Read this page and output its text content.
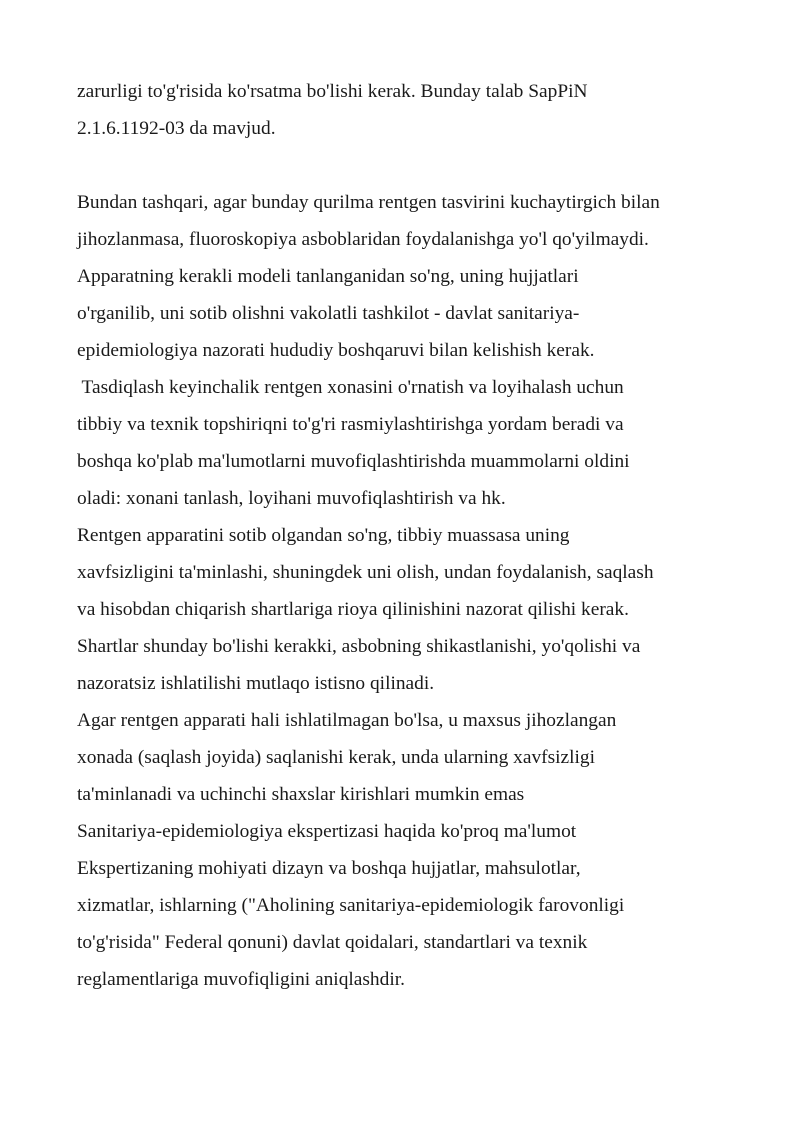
zarurligi to'g'risida ko'rsatma bo'lishi kerak. Bunday talab SapPiN
2.1.6.1192-03 da mavjud.
Bundan tashqari, agar bunday qurilma rentgen tasvirini kuchaytirgich bilan
jihozlanmasa, fluoroskopiya asboblaridan foydalanishga yo'l qo'yilmaydi.
Apparatning kerakli modeli tanlanganidan so'ng, uning hujjatlari
o'rganilib, uni sotib olishni vakolatli tashkilot - davlat sanitariya-
epidemiologiya nazorati hududiy boshqaruvi bilan kelishish kerak.
Tasdiqlash keyinchalik rentgen xonasini o'rnatish va loyihalash uchun
tibbiy va texnik topshiriqni to'g'ri rasmiylashtirishga yordam beradi va
boshqa ko'plab ma'lumotlarni muvofiqlashtirishda muammolarni oldini
oladi: xonani tanlash, loyihani muvofiqlashtirish va hk.
Rentgen apparatini sotib olgandan so'ng, tibbiy muassasa uning
xavfsizligini ta'minlashi, shuningdek uni olish, undan foydalanish, saqlash
va hisobdan chiqarish shartlariga rioya qilinishini nazorat qilishi kerak.
Shartlar shunday bo'lishi kerakki, asbobning shikastlanishi, yo'qolishi va
nazoratsiz ishlatilishi mutlaqo istisno qilinadi.
Agar rentgen apparati hali ishlatilmagan bo'lsa, u maxsus jihozlangan
xonada (saqlash joyida) saqlanishi kerak, unda ularning xavfsizligi
ta'minlanadi va uchinchi shaxslar kirishlari mumkin emas
Sanitariya-epidemiologiya ekspertizasi haqida ko'proq ma'lumot
Ekspertizaning mohiyati dizayn va boshqa hujjatlar, mahsulotlar,
xizmatlar, ishlarning ("Aholining sanitariya-epidemiologik farovonligi
to'g'risida" Federal qonuni) davlat qoidalari, standartlari va texnik
reglamentlariga muvofiqligini aniqlashdir.
